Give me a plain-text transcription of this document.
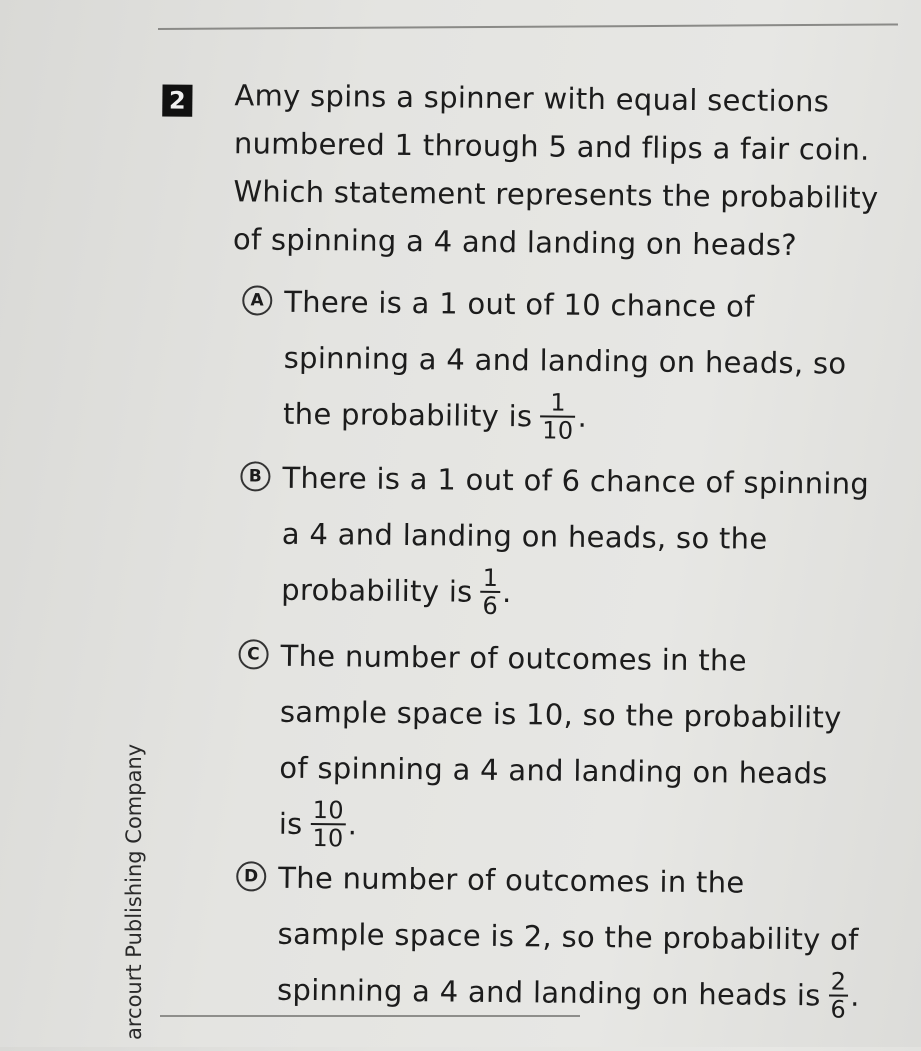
arcourt Publishing Company
2 Amy spins a spinner with equal sections
numbered 1 through 5 and flips a fair coin.
Which statement represents the probability
of spinning a 4 and landing on heads?
A There is a 1 out of 10 chance of
spinning a 4 and landing on heads, so
the probability is $\frac{1}{10}$ .
B There is a 1 out of 6 chance of spinning
a 4 and landing on heads, so the
probability is $\frac{1}{6}$ .
C The number of outcomes in the
sample space is 10, so the probability
of spinning a 4 and landing on heads
is $\frac{10}{10}$ .
D The number of outcomes in the
sample space is 2, so the probability of
spinning a 4 and landing on heads is $\frac{2}{6}$ .
